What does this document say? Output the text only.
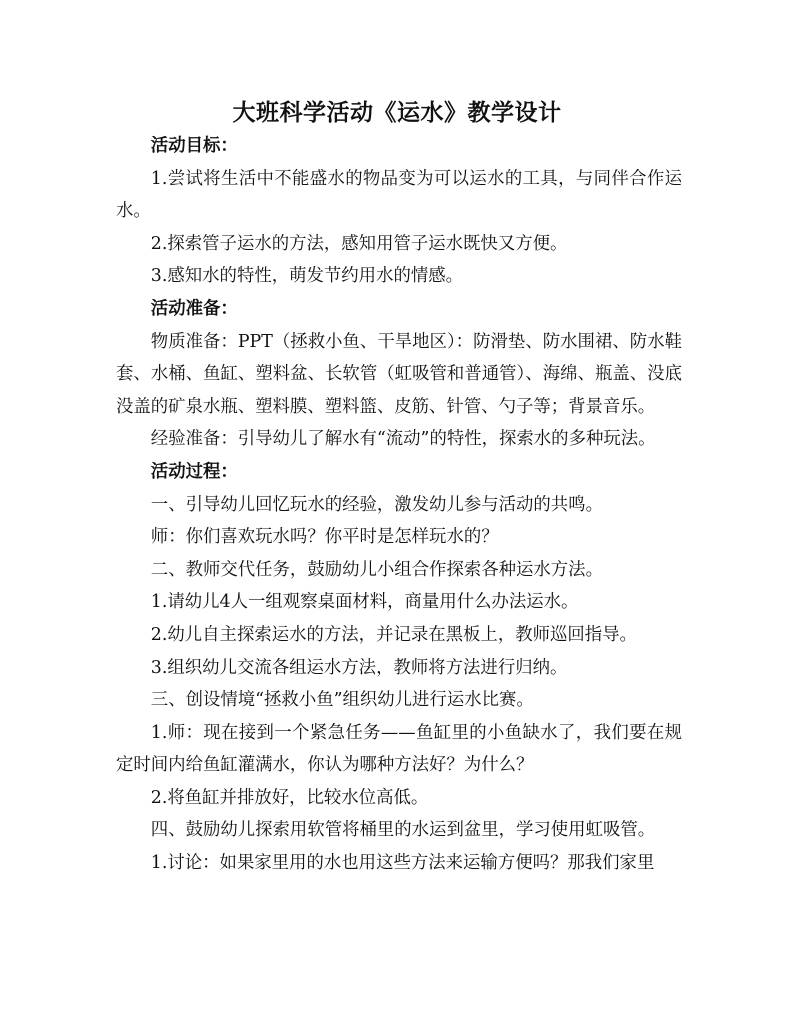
大班科学活动《运水》教学设计

活动目标：

1.尝试将生活中不能盛水的物品变为可以运水的工具，与同伴合作运水。

2.探索管子运水的方法，感知用管子运水既快又方便。

3.感知水的特性，萌发节约用水的情感。

活动准备：

物质准备：PPT（拯救小鱼、干旱地区）：防滑垫、防水围裙、防水鞋套、水桶、鱼缸、塑料盆、长软管（虹吸管和普通管）、海绵、瓶盖、没底没盖的矿泉水瓶、塑料膜、塑料篮、皮筋、针管、勺子等；背景音乐。

经验准备：引导幼儿了解水有“流动”的特性，探索水的多种玩法。

活动过程：

一、引导幼儿回忆玩水的经验，激发幼儿参与活动的共鸣。

师：你们喜欢玩水吗？你平时是怎样玩水的？

二、教师交代任务，鼓励幼儿小组合作探索各种运水方法。

1.请幼儿4人一组观察桌面材料，商量用什么办法运水。

2.幼儿自主探索运水的方法，并记录在黑板上，教师巡回指导。

3.组织幼儿交流各组运水方法，教师将方法进行归纳。

三、创设情境“拯救小鱼”组织幼儿进行运水比赛。

1.师：现在接到一个紧急任务——鱼缸里的小鱼缺水了，我们要在规定时间内给鱼缸灌满水，你认为哪种方法好？为什么？

2.将鱼缸并排放好，比较水位高低。

四、鼓励幼儿探索用软管将桶里的水运到盆里，学习使用虹吸管。

1.讨论：如果家里用的水也用这些方法来运输方便吗？那我们家里
